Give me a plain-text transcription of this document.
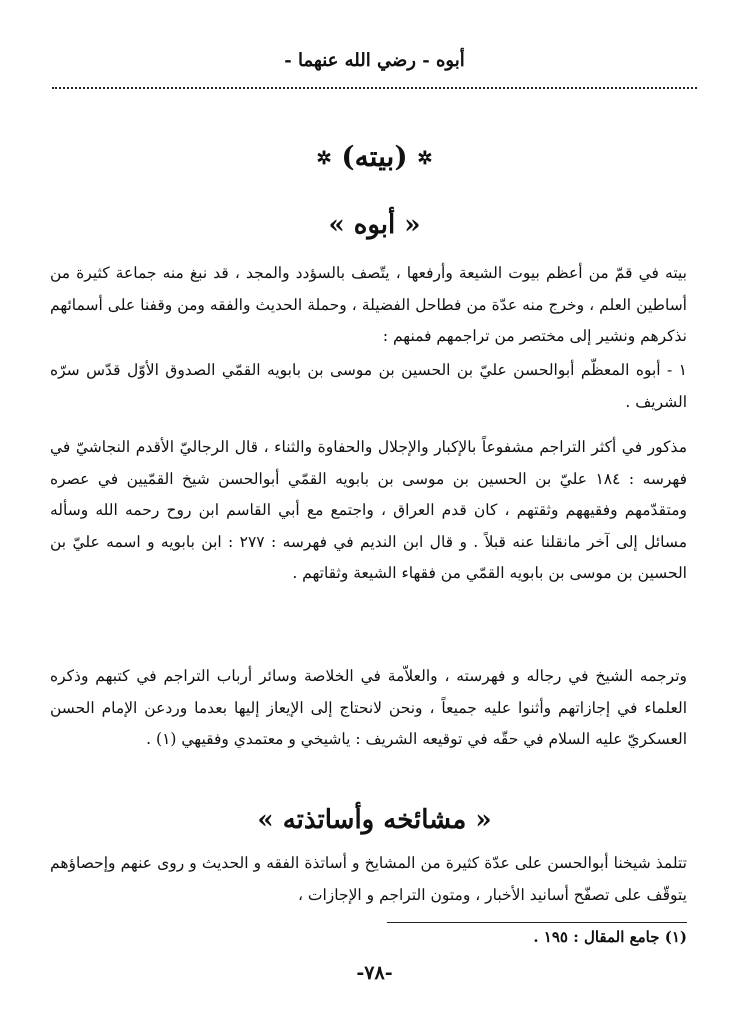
أبوه - رضي الله عنهما -
✲ (بيته) ✲
« أبوه »

بيته في قمّ من أعظم بيوت الشيعة وأرفعها ، يتّصف بالسؤدد والمجد ، قد نبغ منه جماعة كثيرة من أساطين العلم ، وخرج منه عدّة من فطاحل الفضيلة ، وحملة الحديث والفقه ومن وقفنا على أسمائهم نذكرهم ونشير إلى مختصر من تراجمهم فمنهم :

١ - أبوه المعظّم أبوالحسن عليّ بن الحسين بن موسى بن بابويه القمّي الصدوق الأوّل قدّس سرّه الشريف .

مذكور في أكثر التراجم مشفوعاً بالإكبار والإجلال والحفاوة والثناء ، قال الرجاليّ الأقدم النجاشيّ في فهرسه : ١٨٤ عليّ بن الحسين بن موسى بن بابويه القمّي أبوالحسن شيخ القمّيين في عصره ومتقدّمهم وفقيههم وثقتهم ، كان قدم العراق ، واجتمع مع أبي القاسم ابن روح رحمه الله وسأله مسائل إلى آخر مانقلنا عنه قبلاً . و قال ابن النديم في فهرسه : ٢٧٧ : ابن بابويه و اسمه عليّ بن الحسين بن موسى بن بابويه القمّي من فقهاء الشيعة وثقاتهم .

وترجمه الشيخ في رجاله و فهرسته ، والعلاّمة في الخلاصة وسائر أرباب التراجم في كتبهم وذكره العلماء في إجازاتهم وأثنوا عليه جميعاً ، ونحن لانحتاج إلى الإيعاز إليها بعدما وردعن الإمام الحسن العسكريّ عليه السلام في حقّه في توقيعه الشريف : ياشيخي و معتمدي وفقيهي (١) .

« مشائخه وأساتذته »

تتلمذ شيخنا أبوالحسن على عدّة كثيرة من المشايخ و أساتذة الفقه و الحديث و روى عنهم وإحصاؤهم يتوقّف على تصفّح أسانيد الأخبار ، ومتون التراجم و الإجازات ،

(١) جامع المقال : ١٩٥ .
-٧٨-
